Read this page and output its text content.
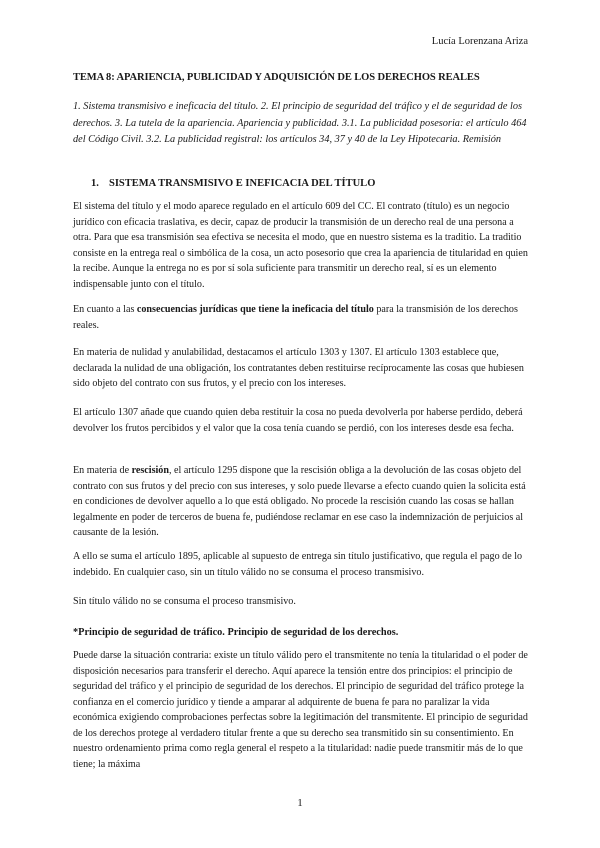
Lucía Lorenzana Ariza
TEMA 8: APARIENCIA, PUBLICIDAD Y ADQUISICIÓN DE LOS DERECHOS REALES
1. Sistema transmisivo e ineficacia del título. 2. El principio de seguridad del tráfico y el de seguridad de los derechos. 3. La tutela de la apariencia. Apariencia y publicidad. 3.1. La publicidad posesoria: el artículo 464 del Código Civil. 3.2. La publicidad registral: los artículos 34, 37 y 40 de la Ley Hipotecaria. Remisión
1. SISTEMA TRANSMISIVO E INEFICACIA DEL TÍTULO
El sistema del título y el modo aparece regulado en el artículo 609 del CC. El contrato (título) es un negocio jurídico con eficacia traslativa, es decir, capaz de producir la transmisión de un derecho real de una persona a otra. Para que esa transmisión sea efectiva se necesita el modo, que en nuestro sistema es la traditio. La traditio consiste en la entrega real o simbólica de la cosa, un acto posesorio que crea la apariencia de titularidad en quien la recibe. Aunque la entrega no es por sí sola suficiente para transmitir un derecho real, sí es un elemento indispensable junto con el título.
En cuanto a las consecuencias jurídicas que tiene la ineficacia del título para la transmisión de los derechos reales.
En materia de nulidad y anulabilidad, destacamos el artículo 1303 y 1307. El artículo 1303 establece que, declarada la nulidad de una obligación, los contratantes deben restituirse recíprocamente las cosas que hubiesen sido objeto del contrato con sus frutos, y el precio con los intereses.
El artículo 1307 añade que cuando quien deba restituir la cosa no pueda devolverla por haberse perdido, deberá devolver los frutos percibidos y el valor que la cosa tenía cuando se perdió, con los intereses desde esa fecha.
En materia de rescisión, el artículo 1295 dispone que la rescisión obliga a la devolución de las cosas objeto del contrato con sus frutos y del precio con sus intereses, y solo puede llevarse a efecto cuando quien la solicita está en condiciones de devolver aquello a lo que está obligado. No procede la rescisión cuando las cosas se hallan legalmente en poder de terceros de buena fe, pudiéndose reclamar en ese caso la indemnización de perjuicios al causante de la lesión.
A ello se suma el artículo 1895, aplicable al supuesto de entrega sin título justificativo, que regula el pago de lo indebido. En cualquier caso, sin un título válido no se consuma el proceso transmisivo.
Sin título válido no se consuma el proceso transmisivo.
*Principio de seguridad de tráfico. Principio de seguridad de los derechos.
Puede darse la situación contraria: existe un título válido pero el transmitente no tenía la titularidad o el poder de disposición necesarios para transferir el derecho. Aquí aparece la tensión entre dos principios: el principio de seguridad del tráfico y el principio de seguridad de los derechos. El principio de seguridad del tráfico protege la confianza en el comercio jurídico y tiende a amparar al adquirente de buena fe para no paralizar la vida económica exigiendo comprobaciones perfectas sobre la legitimación del transmitente. El principio de seguridad de los derechos protege al verdadero titular frente a que su derecho sea transmitido sin su consentimiento. En nuestro ordenamiento prima como regla general el respeto a la titularidad: nadie puede transmitir más de lo que tiene; la máxima
1
